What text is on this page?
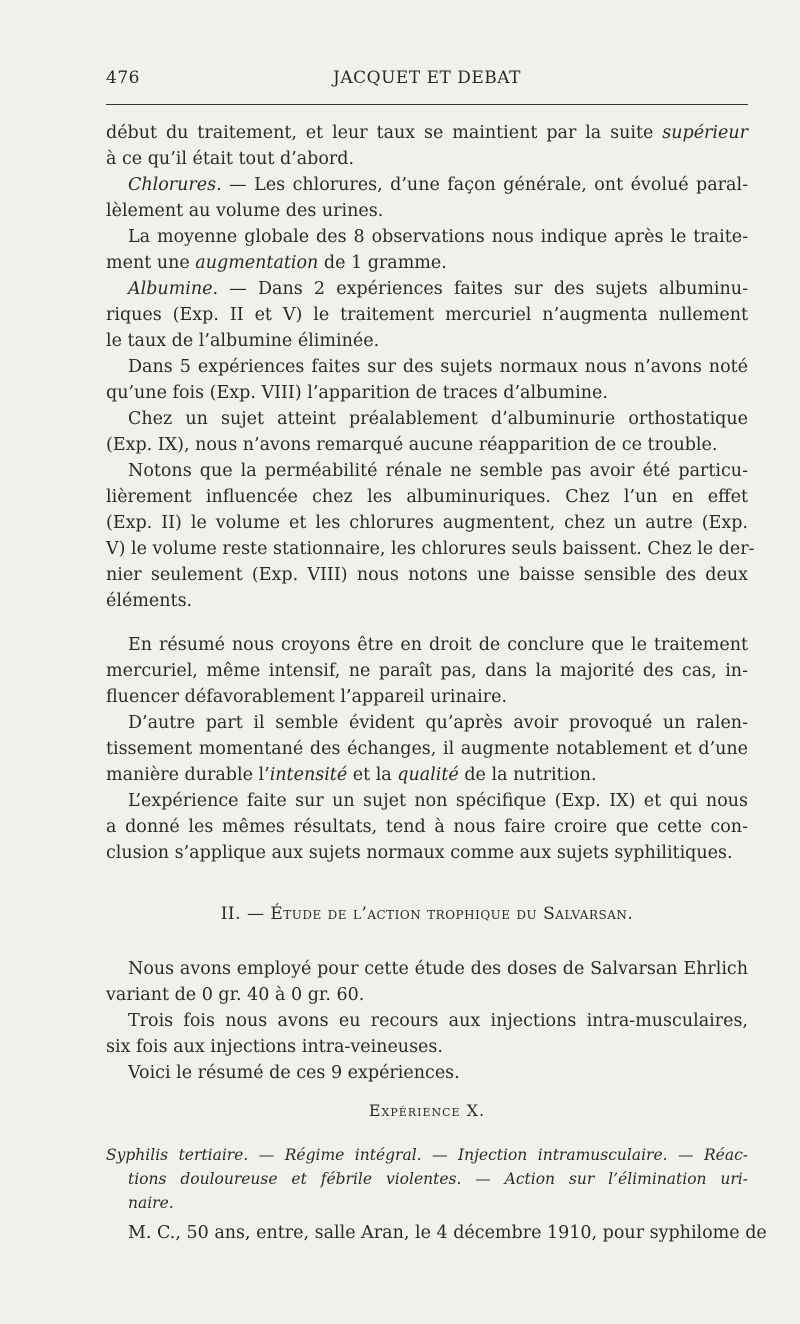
476	JACQUET ET DEBAT
début du traitement, et leur taux se maintient par la suite supérieur
à ce qu’il était tout d’abord.
Chlorures. — Les chlorures, d’une façon générale, ont évolué paral-
lèlement au volume des urines.
La moyenne globale des 8 observations nous indique après le traite-
ment une augmentation de 1 gramme.
Albumine. — Dans 2 expériences faites sur des sujets albuminu-
riques (Exp. II et V) le traitement mercuriel n’augmenta nullement
le taux de l’albumine éliminée.
Dans 5 expériences faites sur des sujets normaux nous n’avons noté
qu’une fois (Exp. VIII) l’apparition de traces d’albumine.
Chez un sujet atteint préalablement d’albuminurie orthostatique
(Exp. IX), nous n’avons remarqué aucune réapparition de ce trouble.
Notons que la perméabilité rénale ne semble pas avoir été particu-
lièrement influencée chez les albuminuriques. Chez l’un en effet
(Exp. II) le volume et les chlorures augmentent, chez un autre (Exp.
V) le volume reste stationnaire, les chlorures seuls baissent. Chez le der-
nier seulement (Exp. VIII) nous notons une baisse sensible des deux
éléments.
En résumé nous croyons être en droit de conclure que le traitement
mercuriel, même intensif, ne paraît pas, dans la majorité des cas, in-
fluencer défavorablement l’appareil urinaire.
D’autre part il semble évident qu’après avoir provoqué un ralen-
tissement momentané des échanges, il augmente notablement et d’une
manière durable l’intensité et la qualité de la nutrition.
L’expérience faite sur un sujet non spécifique (Exp. IX) et qui nous
a donné les mêmes résultats, tend à nous faire croire que cette con-
clusion s’applique aux sujets normaux comme aux sujets syphilitiques.
II. — Étude de l’action trophique du Salvarsan.
Nous avons employé pour cette étude des doses de Salvarsan Ehrlich
variant de 0 gr. 40 à 0 gr. 60.
Trois fois nous avons eu recours aux injections intra-musculaires,
six fois aux injections intra-veineuses.
Voici le résumé de ces 9 expériences.
Expérience X.
Syphilis tertiaire. — Régime intégral. — Injection intramusculaire. — Réac-
tions douloureuse et fébrile violentes. — Action sur l’élimination uri-
naire.
M. C., 50 ans, entre, salle Aran, le 4 décembre 1910, pour syphilome de
